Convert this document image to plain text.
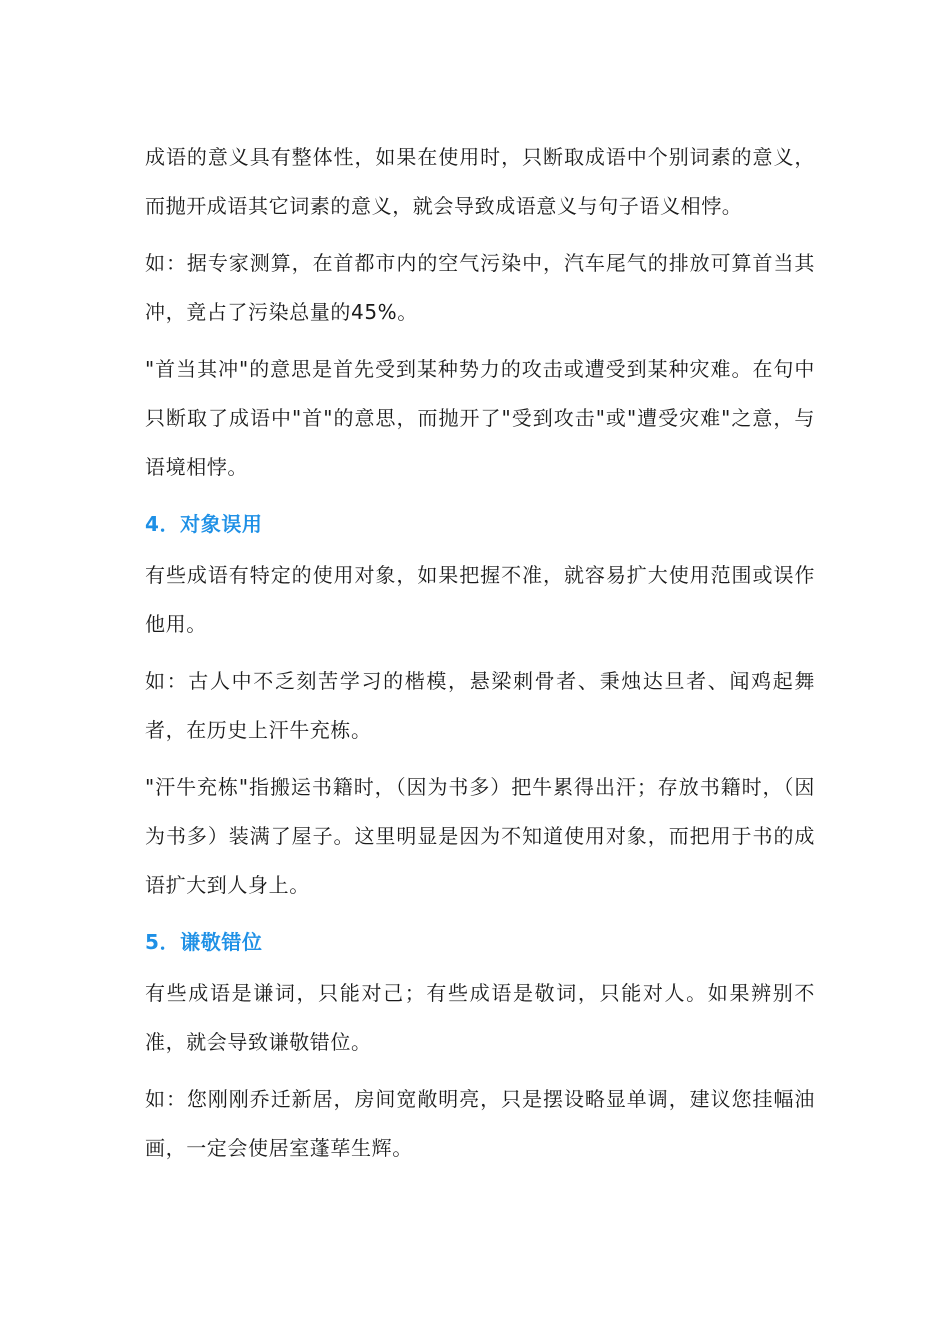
成语的意义具有整体性，如果在使用时，只断取成语中个别词素的意义，而抛开成语其它词素的意义，就会导致成语意义与句子语义相悖。

如：据专家测算，在首都市内的空气污染中，汽车尾气的排放可算首当其冲，竟占了污染总量的45%。

"首当其冲"的意思是首先受到某种势力的攻击或遭受到某种灾难。在句中只断取了成语中"首"的意思，而抛开了"受到攻击"或"遭受灾难"之意，与语境相悖。

4．对象误用

有些成语有特定的使用对象，如果把握不准，就容易扩大使用范围或误作他用。

如：古人中不乏刻苦学习的楷模，悬梁刺骨者、秉烛达旦者、闻鸡起舞者，在历史上汗牛充栋。

"汗牛充栋"指搬运书籍时，（因为书多）把牛累得出汗；存放书籍时，（因为书多）装满了屋子。这里明显是因为不知道使用对象，而把用于书的成语扩大到人身上。

5．谦敬错位

有些成语是谦词，只能对己；有些成语是敬词，只能对人。如果辨别不准，就会导致谦敬错位。

如：您刚刚乔迁新居，房间宽敞明亮，只是摆设略显单调，建议您挂幅油画，一定会使居室蓬荜生辉。
